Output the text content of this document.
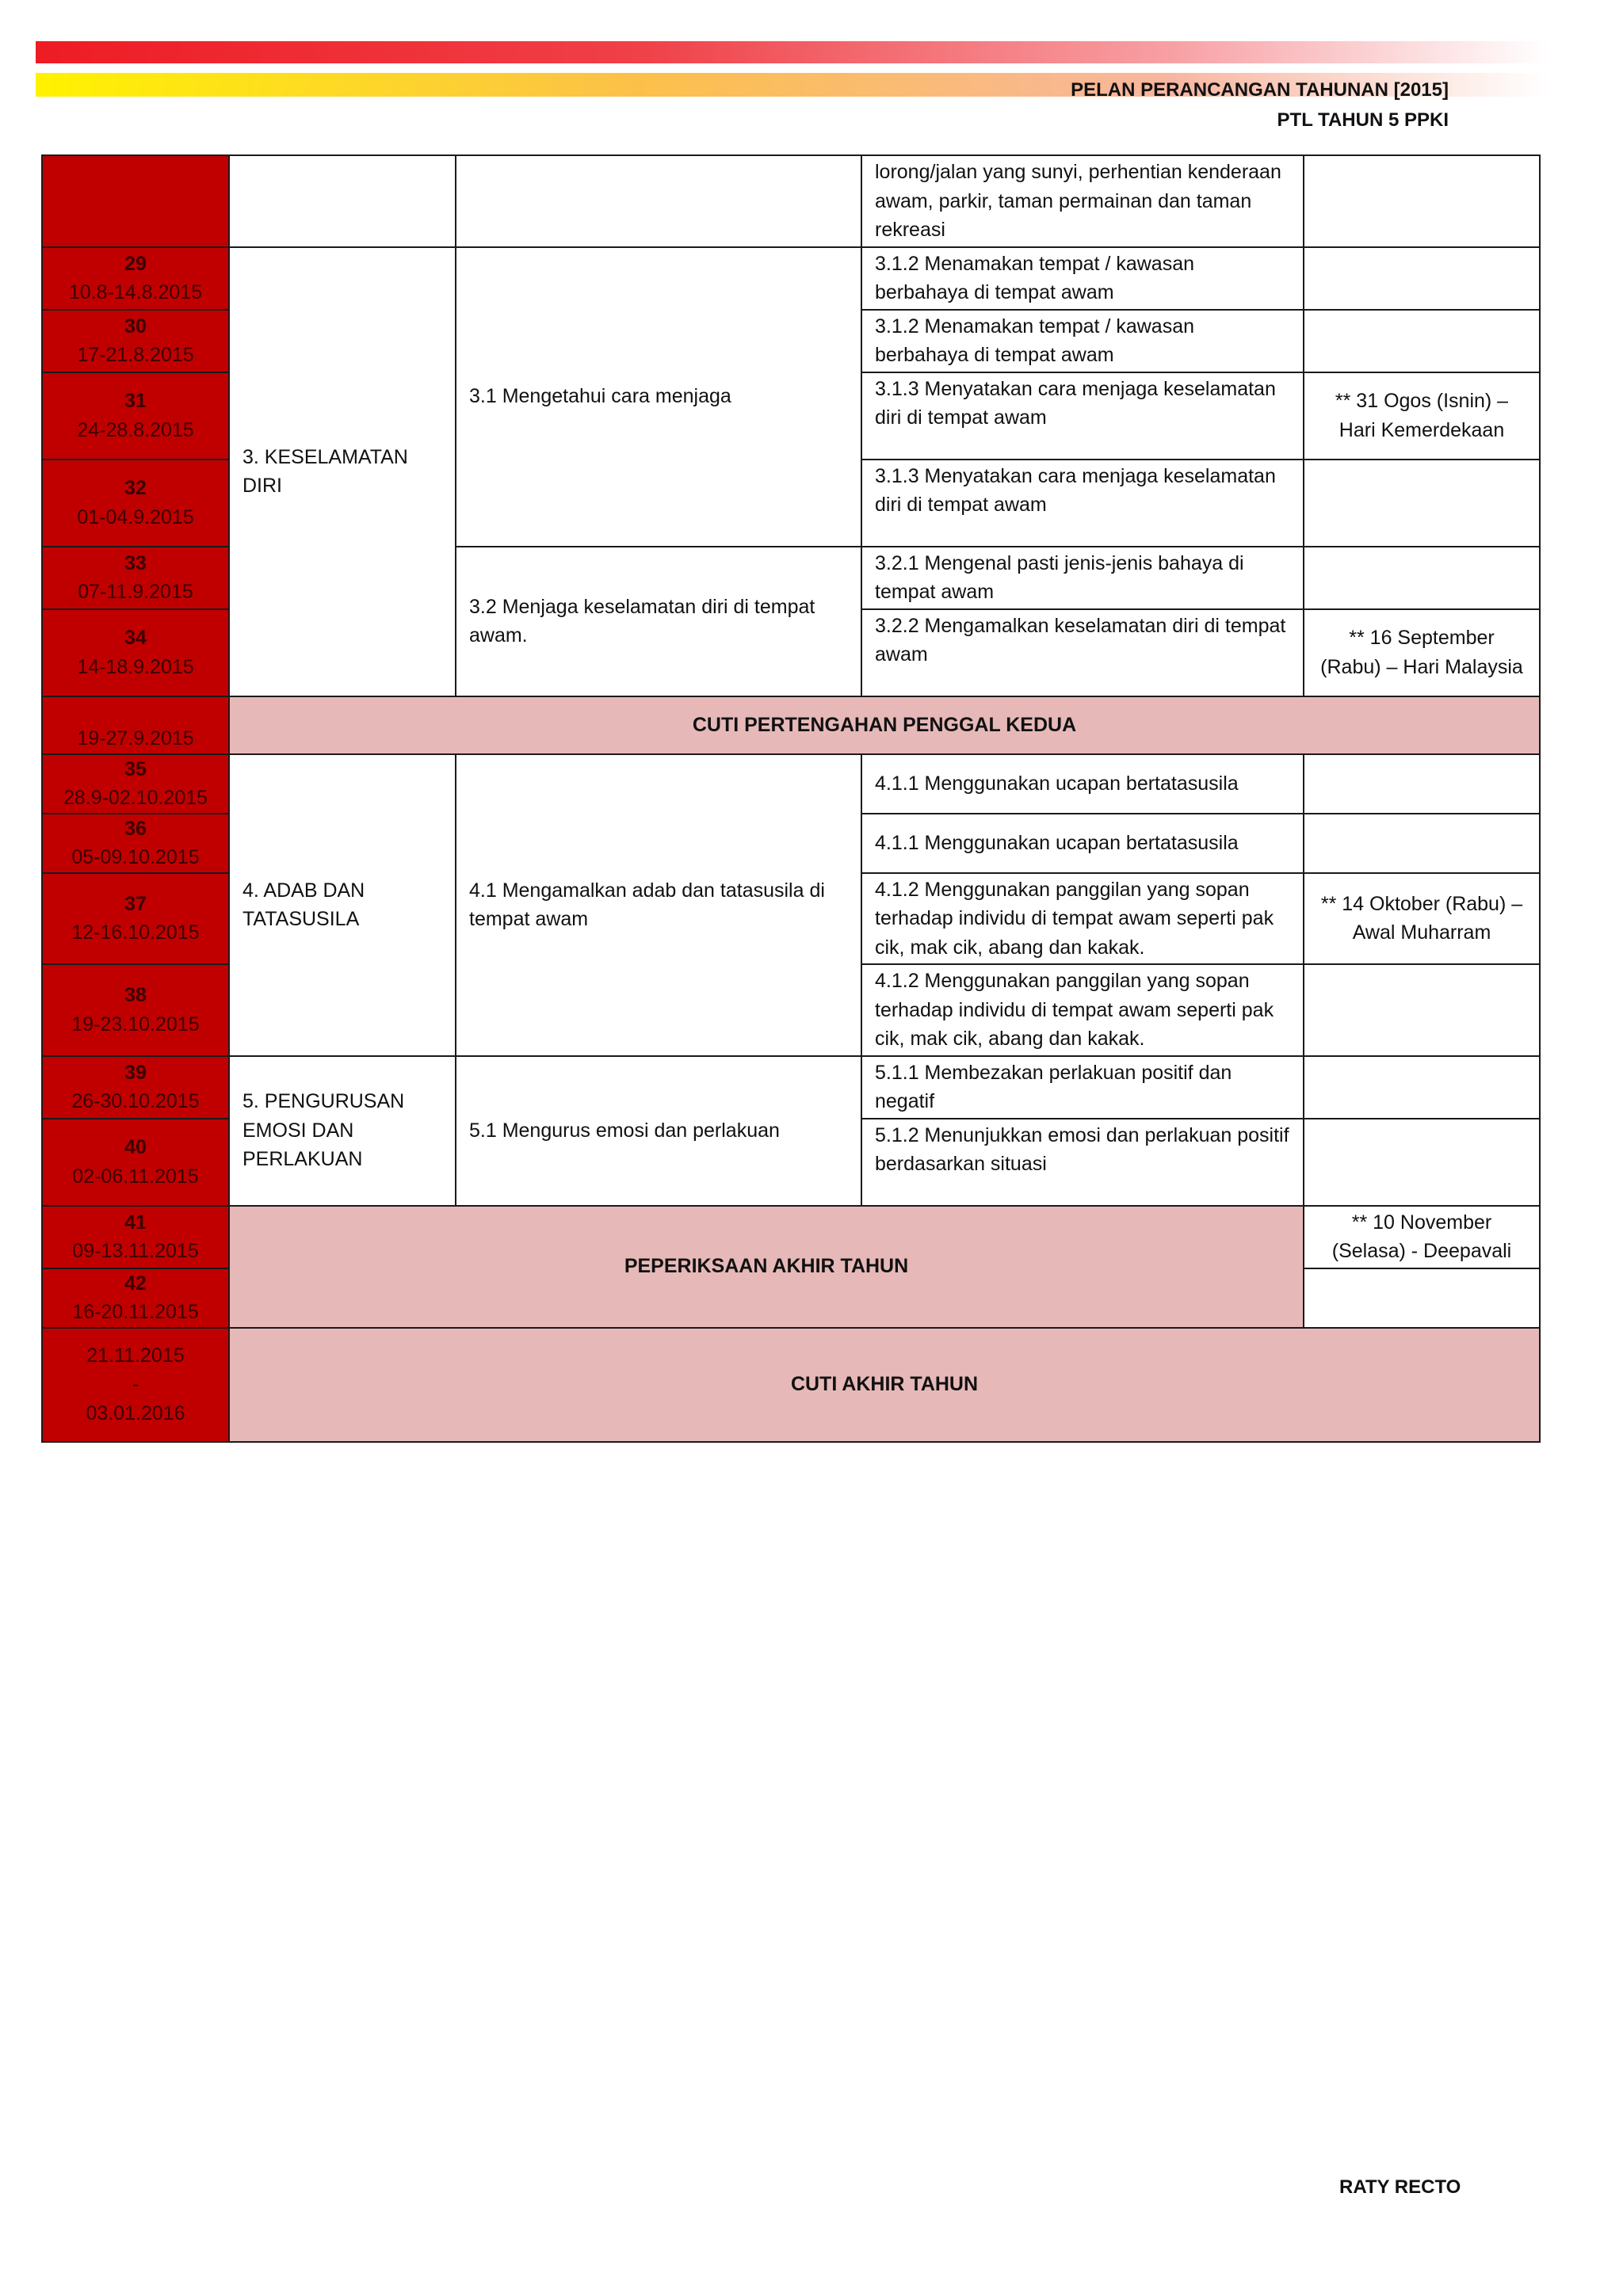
PELAN PERANCANGAN TAHUNAN [2015]
PTL TAHUN 5 PPKI
			lorong/jalan yang sunyi, perhentian kenderaan awam, parkir, taman permainan dan taman rekreasi	

29
10.8-14.8.2015	3. KESELAMATAN DIRI	3.1 Mengetahui cara menjaga	3.1.2 Menamakan tempat / kawasan berbahaya di tempat awam	

30
17-21.8.2015			3.1.2 Menamakan tempat / kawasan berbahaya di tempat awam	

31
24-28.8.2015			3.1.3 Menyatakan cara menjaga keselamatan diri di tempat awam	** 31 Ogos (Isnin) – Hari Kemerdekaan

32
01-04.9.2015			3.1.3 Menyatakan cara menjaga keselamatan diri di tempat awam	

33
07-11.9.2015		3.2 Menjaga keselamatan diri di tempat awam.	3.2.1 Mengenal pasti jenis-jenis bahaya di tempat awam	

34
14-18.9.2015			3.2.2 Mengamalkan keselamatan diri di tempat awam	** 16 September (Rabu) – Hari Malaysia

19-27.9.2015	CUTI PERTENGAHAN PENGGAL KEDUA			

35
28.9-02.10.2015	4. ADAB DAN TATASUSILA	4.1 Mengamalkan adab dan tatasusila di tempat awam	4.1.1 Menggunakan ucapan bertatasusila	

36
05-09.10.2015			4.1.1 Menggunakan ucapan bertatasusila	

37
12-16.10.2015			4.1.2 Menggunakan panggilan yang sopan terhadap individu di tempat awam seperti pak cik, mak cik, abang dan kakak.	** 14 Oktober (Rabu) – Awal Muharram

38
19-23.10.2015			4.1.2 Menggunakan panggilan yang sopan terhadap individu di tempat awam seperti pak cik, mak cik, abang dan kakak.	

39
26-30.10.2015	5. PENGURUSAN EMOSI DAN PERLAKUAN	5.1 Mengurus emosi dan perlakuan	5.1.1 Membezakan perlakuan positif dan negatif	

40
02-06.11.2015			5.1.2 Menunjukkan emosi dan perlakuan positif berdasarkan situasi	

41
09-13.11.2015	PEPERIKSAAN AKHIR TAHUN			** 10 November (Selasa) - Deepavali

42
16-20.11.2015				

21.11.2015
-
03.01.2016	CUTI AKHIR TAHUN			
RATY RECTO
